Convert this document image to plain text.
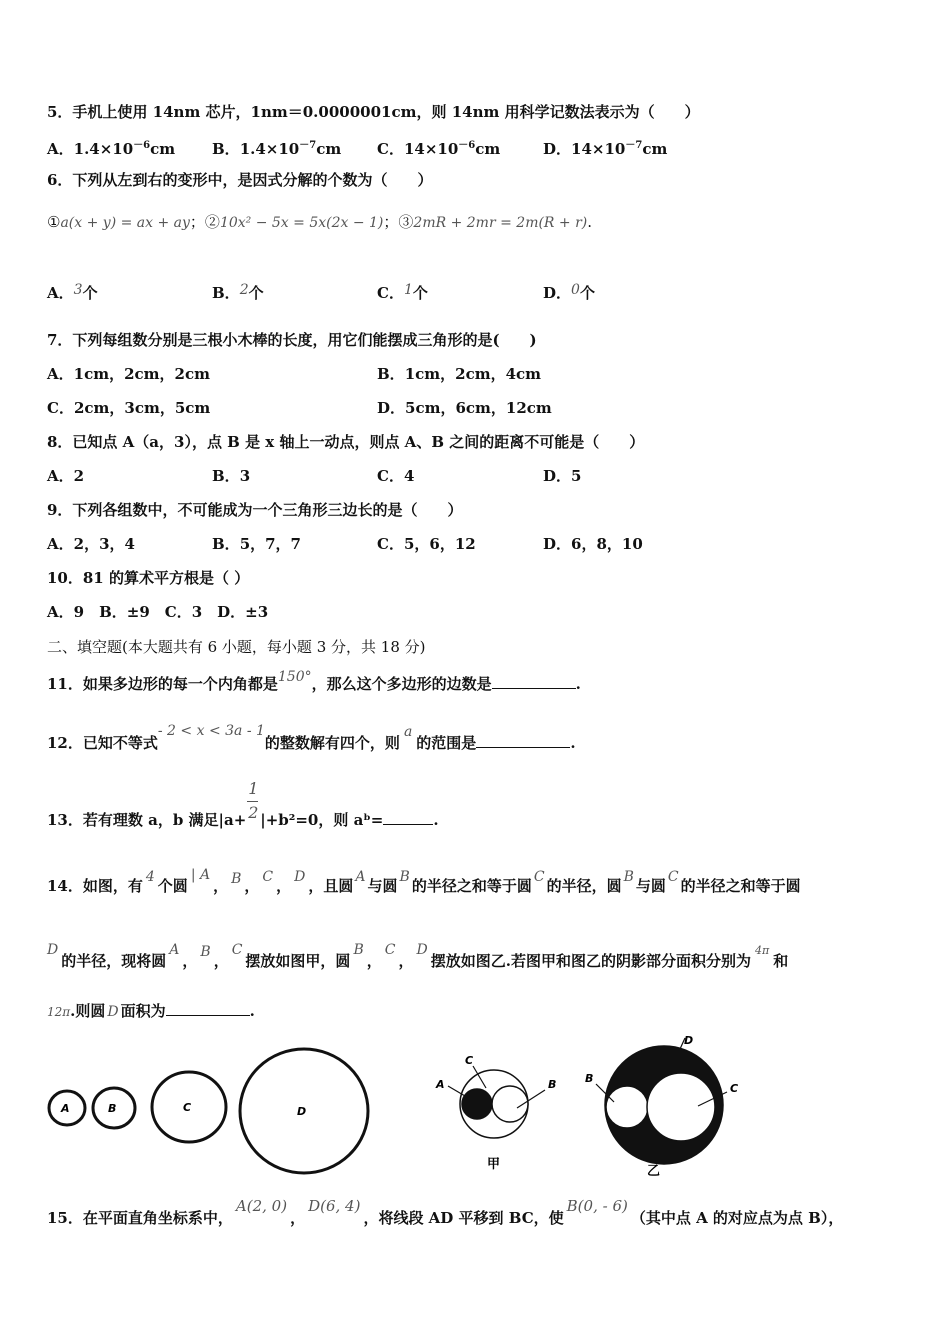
5．手机上使用 14nm 芯片，1nm＝0.0000001cm，则 14nm 用科学记数法表示为（　　）
A．$1.4\times 10^{-6}cm$ B．$1.4\times 10^{-7}cm$ C．$14\times 10^{-6}cm$	D．$14\times 10^{-7}cm$
6．下列从左到右的变形中，是因式分解的个数为（　　）
①a(x + y) = ax + ay；②10x² − 5x = 5x(2x − 1)；③2mR + 2mr = 2m(R + r).
A．3个	B．2个	C．1个	D．0个
7．下列每组数分别是三根小木棒的长度，用它们能摆成三角形的是(　　)
A．1cm，2cm，2cm	B．1cm，2cm，4cm
C．2cm，3cm，5cm	D．5cm，6cm，12cm
8．已知点 A（a，3），点 B 是 x 轴上一动点，则点 A、B 之间的距离不可能是（　　）
A．2	B．3	C．4	D．5
9．下列各组数中，不可能成为一个三角形三边长的是（　　）
A．2，3，4	B．5，7，7	C．5，6，12	D．6，8，10
10．81 的算术平方根是（ ）
A．9　B．±9　C．3　D．±3
二、填空题(本大题共有 6 小题，每小题 3 分，共 18 分)
11．如果多边形的每一个内角都是150°，那么这个多边形的边数是	.
12．已知不等式- 2 < x < 3a - 1的整数解有四个，则a的范围是	.
13．若有理数 a，b 满足$|a+ \frac{1}{2} |+b^2=0$，则 aᵇ=	.
14．如图，有 4 个圆| A， B ， C ， D ，且圆 A 与圆 B 的半径之和等于圆 C 的半径，圆 B 与圆 C 的半径之和等于圆
D的半径，现将圆A， B ，C摆放如图甲，圆B，C，D摆放如图乙.若图甲和图乙的阴影部分面积分别为$^{4\pi}$和
12π.则圆 D 面积为	.
A	B	C	D
A
C
B
甲
B
D
C
乙
15．在平面直角坐标系中，A(2, 0)，D(6, 4)，将线段 AD 平移到 BC，使B(0, - 6)（其中点 A 的对应点为点 B），
